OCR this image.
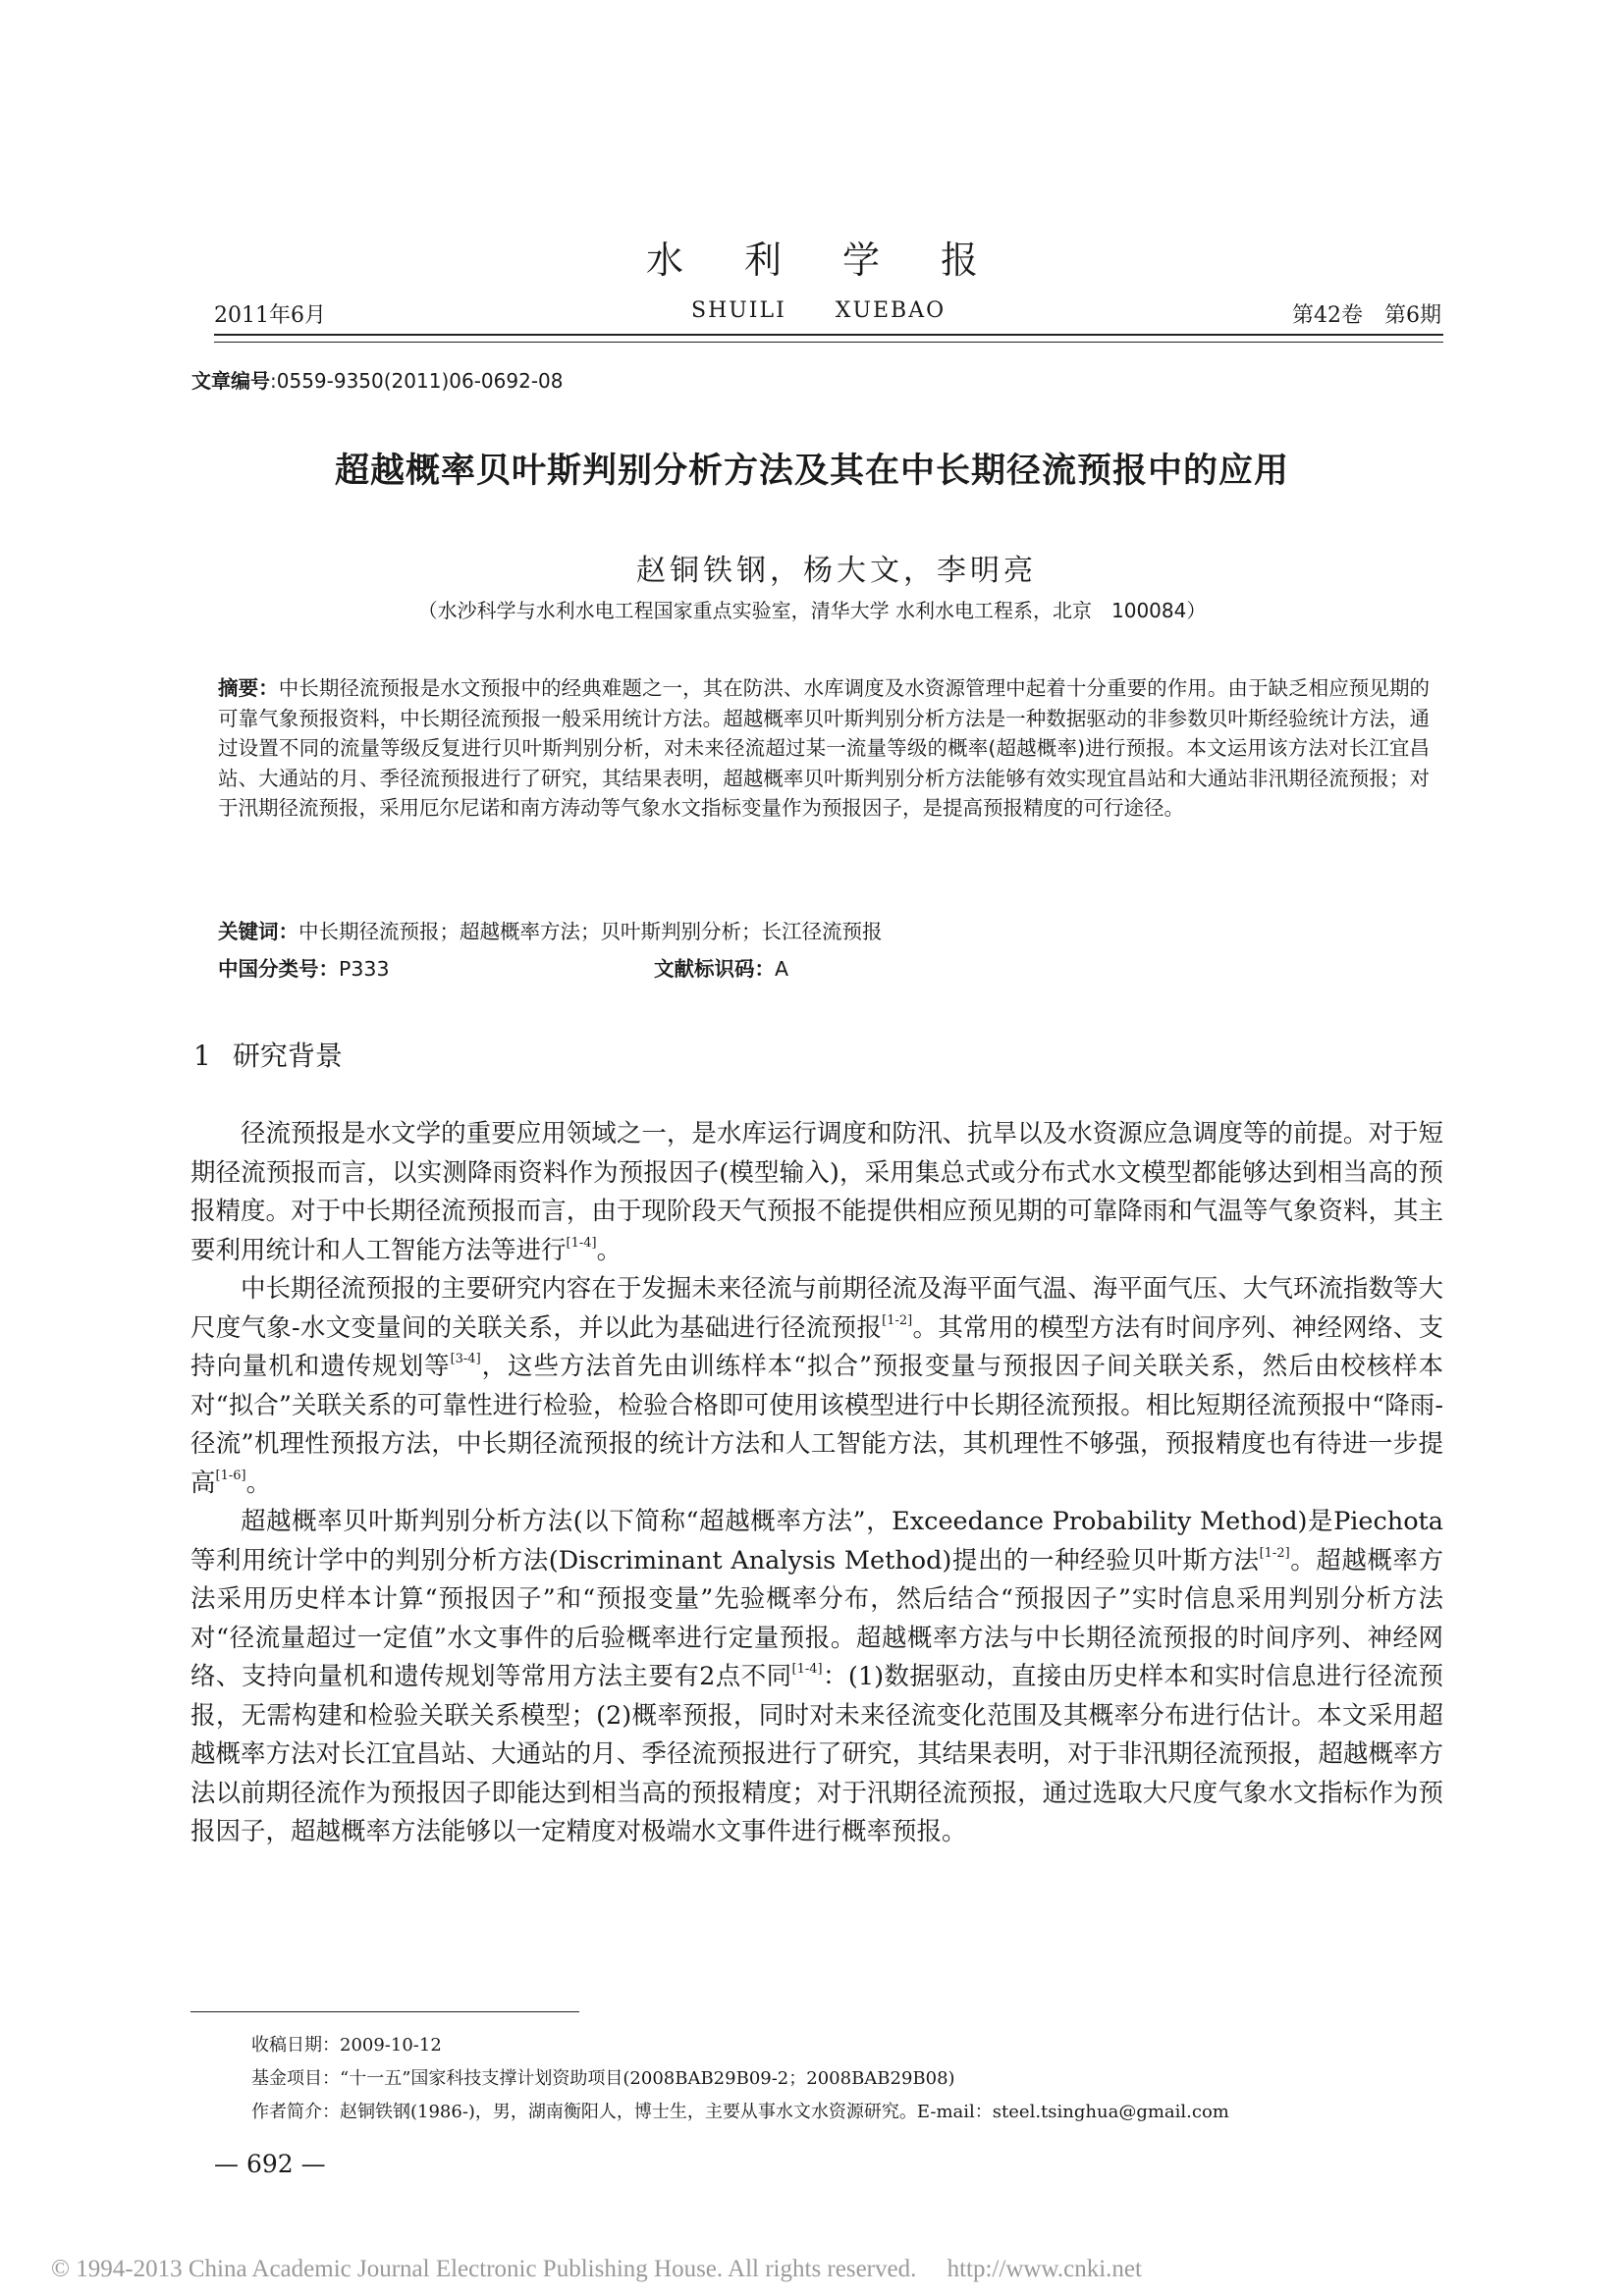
水利学报
2011年6月	SHUILI XUEBAO	第42卷　第6期
文章编号:0559-9350(2011)06-0692-08
超越概率贝叶斯判别分析方法及其在中长期径流预报中的应用
赵铜铁钢，杨大文，李明亮
（水沙科学与水利水电工程国家重点实验室，清华大学 水利水电工程系，北京　100084）
摘要：中长期径流预报是水文预报中的经典难题之一，其在防洪、水库调度及水资源管理中起着十分重要的作用。由于缺乏相应预见期的可靠气象预报资料，中长期径流预报一般采用统计方法。超越概率贝叶斯判别分析方法是一种数据驱动的非参数贝叶斯经验统计方法，通过设置不同的流量等级反复进行贝叶斯判别分析，对未来径流超过某一流量等级的概率(超越概率)进行预报。本文运用该方法对长江宜昌站、大通站的月、季径流预报进行了研究，其结果表明，超越概率贝叶斯判别分析方法能够有效实现宜昌站和大通站非汛期径流预报；对于汛期径流预报，采用厄尔尼诺和南方涛动等气象水文指标变量作为预报因子，是提高预报精度的可行途径。
关键词：中长期径流预报；超越概率方法；贝叶斯判别分析；长江径流预报
中国分类号：P333	文献标识码：A
1 研究背景

径流预报是水文学的重要应用领域之一，是水库运行调度和防汛、抗旱以及水资源应急调度等的前提。对于短期径流预报而言，以实测降雨资料作为预报因子(模型输入)，采用集总式或分布式水文模型都能够达到相当高的预报精度。对于中长期径流预报而言，由于现阶段天气预报不能提供相应预见期的可靠降雨和气温等气象资料，其主要利用统计和人工智能方法等进行[1-4]。

中长期径流预报的主要研究内容在于发掘未来径流与前期径流及海平面气温、海平面气压、大气环流指数等大尺度气象-水文变量间的关联关系，并以此为基础进行径流预报[1-2]。其常用的模型方法有时间序列、神经网络、支持向量机和遗传规划等[3-4]，这些方法首先由训练样本“拟合”预报变量与预报因子间关联关系，然后由校核样本对“拟合”关联关系的可靠性进行检验，检验合格即可使用该模型进行中长期径流预报。相比短期径流预报中“降雨-径流”机理性预报方法，中长期径流预报的统计方法和人工智能方法，其机理性不够强，预报精度也有待进一步提高[1-6]。

超越概率贝叶斯判别分析方法(以下简称“超越概率方法”，Exceedance Probability Method)是Piechota等利用统计学中的判别分析方法(Discriminant Analysis Method)提出的一种经验贝叶斯方法[1-2]。超越概率方法采用历史样本计算“预报因子”和“预报变量”先验概率分布，然后结合“预报因子”实时信息采用判别分析方法对“径流量超过一定值”水文事件的后验概率进行定量预报。超越概率方法与中长期径流预报的时间序列、神经网络、支持向量机和遗传规划等常用方法主要有2点不同[1-4]：(1)数据驱动，直接由历史样本和实时信息进行径流预报，无需构建和检验关联关系模型；(2)概率预报，同时对未来径流变化范围及其概率分布进行估计。本文采用超越概率方法对长江宜昌站、大通站的月、季径流预报进行了研究，其结果表明，对于非汛期径流预报，超越概率方法以前期径流作为预报因子即能达到相当高的预报精度；对于汛期径流预报，通过选取大尺度气象水文指标作为预报因子，超越概率方法能够以一定精度对极端水文事件进行概率预报。

收稿日期：2009-10-12
基金项目：“十一五”国家科技支撑计划资助项目(2008BAB29B09-2；2008BAB29B08)
作者简介：赵铜铁钢(1986-)，男，湖南衡阳人，博士生，主要从事水文水资源研究。E-mail：steel.tsinghua@gmail.com
— 692 —
© 1994-2013 China Academic Journal Electronic Publishing House. All rights reserved.　 http://www.cnki.net
